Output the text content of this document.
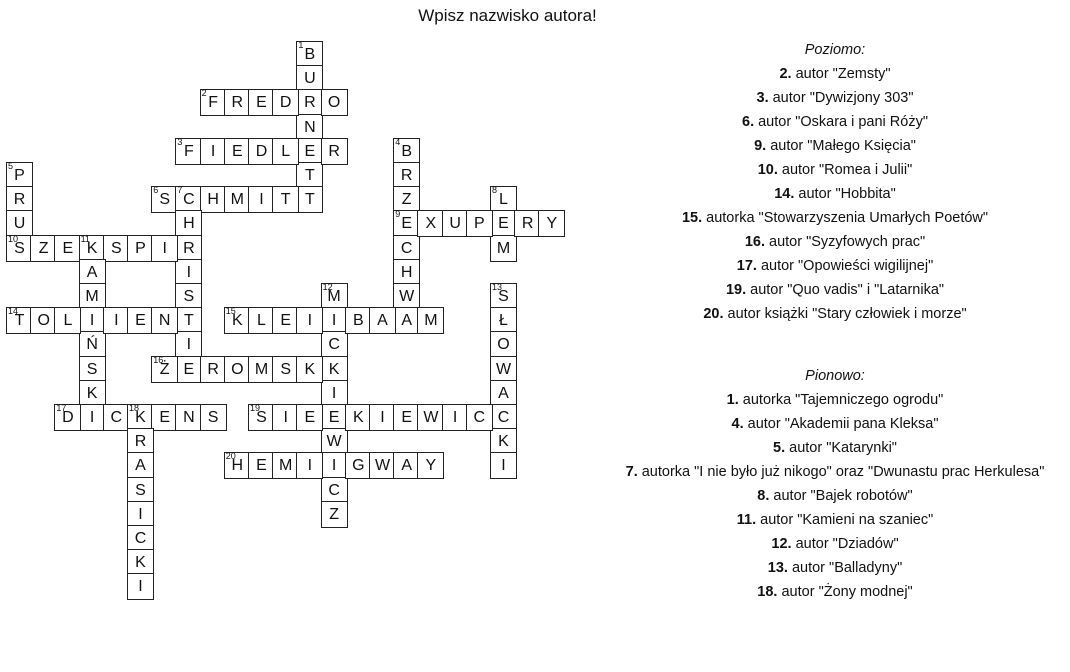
Wpisz nazwisko autora!
B
1
U
R
N
E
T
T
F
2
R E D	O
F
3
I	E D L	R	B
4
R
Z
E
9
C
H
W
A
P
5
R
U
S
10
S
6
C
7
H M I	T
H
R
I
S
T
I
E
L
8
E
M
X U P	R Y
Z E K
11
S P	I
A
M
I
Ń
S
K
I
M
12
I
C
K
I
E
W
I
C
Z
S
13
Ł
O
W
A
C
K
I
T
14
O L	I	E N	K
15
L E	I	B A	M
Ż
16
R O M S K
D
17
C K
18
E N S
R
A
S
I
C
K
I
S
19
I	E	K	I	E W I	C
H
20
E M I	G W A Y
Poziomo:
2. autor "Zemsty"
3. autor "Dywizjony 303"
6. autor "Oskara i pani Róży"
9. autor "Małego Księcia"
10. autor "Romea i Julii"
14. autor "Hobbita"
15. autorka "Stowarzyszenia Umarłych Poetów"
16. autor "Syzyfowych prac"
17. autor "Opowieści wigilijnej"
19. autor "Quo vadis" i "Latarnika"
20. autor książki "Stary człowiek i morze"
Pionowo:
1. autorka "Tajemniczego ogrodu"
4. autor "Akademii pana Kleksa"
5. autor "Katarynki"
7. autorka "I nie było już nikogo" oraz "Dwunastu prac Herkulesa"
8. autor "Bajek robotów"
11. autor "Kamieni na szaniec"
12. autor "Dziadów"
13. autor "Balladyny"
18. autor "Żony modnej"
